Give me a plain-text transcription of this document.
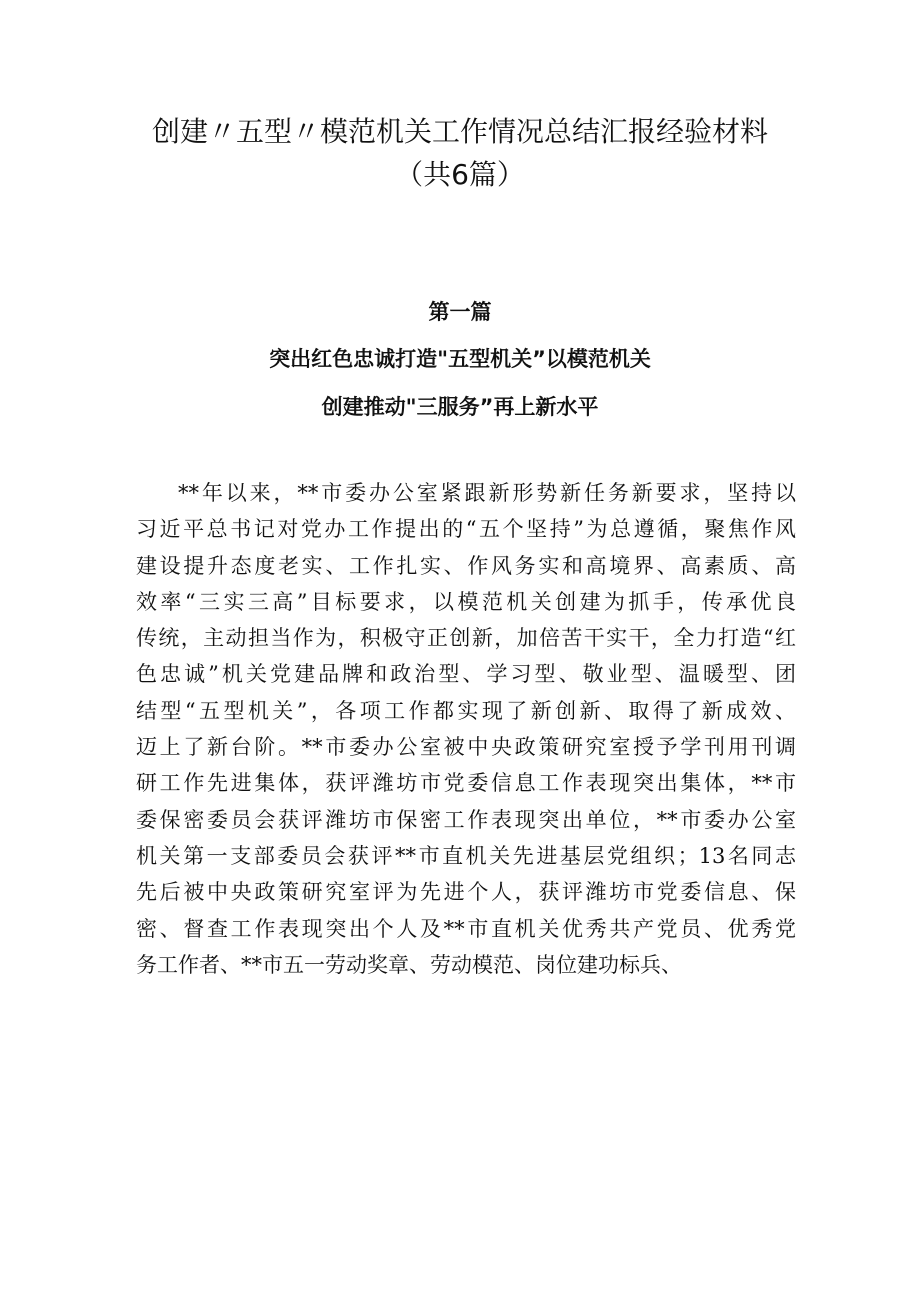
创建〃五型〃模范机关工作情况总结汇报经验材料
（共6篇）
第一篇
突出红色忠诚打造"五型机关”以模范机关
创建推动"三服务”再上新水平
**年以来，**市委办公室紧跟新形势新任务新要求，坚持以
习近平总书记对党办工作提出的“五个坚持”为总遵循，聚焦作风
建设提升态度老实、工作扎实、作风务实和高境界、高素质、高
效率“三实三高”目标要求，以模范机关创建为抓手，传承优良
传统，主动担当作为，积极守正创新，加倍苦干实干，全力打造“红
色忠诚”机关党建品牌和政治型、学习型、敬业型、温暖型、团
结型“五型机关”，各项工作都实现了新创新、取得了新成效、
迈上了新台阶。**市委办公室被中央政策研究室授予学刊用刊调
研工作先进集体，获评潍坊市党委信息工作表现突出集体，**市
委保密委员会获评潍坊市保密工作表现突出单位，**市委办公室
机关第一支部委员会获评**市直机关先进基层党组织；13名同志
先后被中央政策研究室评为先进个人，获评潍坊市党委信息、保
密、督查工作表现突出个人及**市直机关优秀共产党员、优秀党
务工作者、**市五一劳动奖章、劳动模范、岗位建功标兵、
